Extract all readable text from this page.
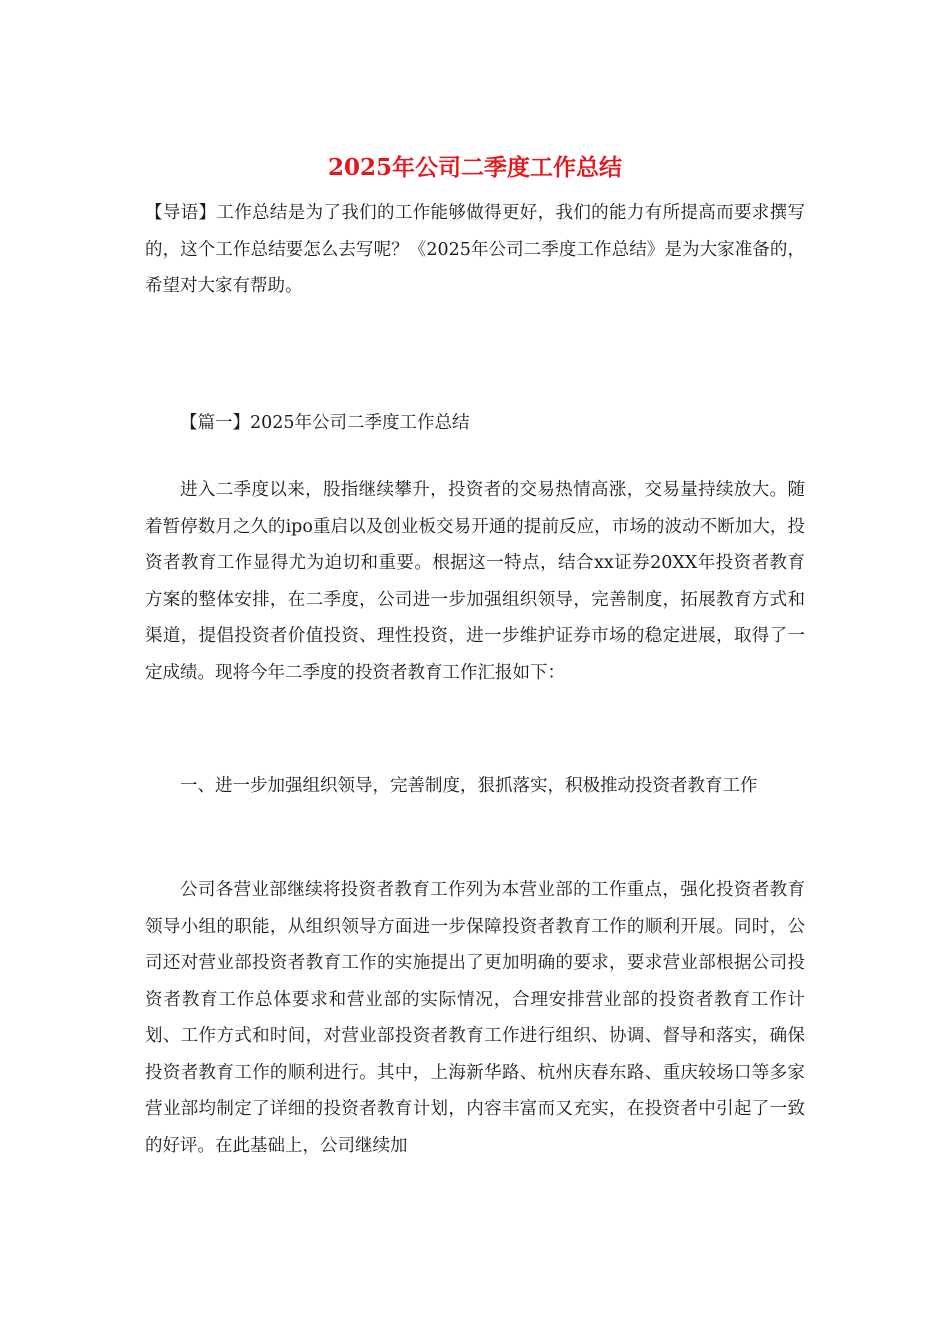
2025年公司二季度工作总结

【导语】工作总结是为了我们的工作能够做得更好，我们的能力有所提高而要求撰写的，这个工作总结要怎么去写呢？《2025年公司二季度工作总结》是为大家准备的，希望对大家有帮助。

【篇一】2025年公司二季度工作总结

进入二季度以来，股指继续攀升，投资者的交易热情高涨，交易量持续放大。随着暂停数月之久的ipo重启以及创业板交易开通的提前反应，市场的波动不断加大，投资者教育工作显得尤为迫切和重要。根据这一特点，结合xx证券20XX年投资者教育方案的整体安排，在二季度，公司进一步加强组织领导，完善制度，拓展教育方式和渠道，提倡投资者价值投资、理性投资，进一步维护证券市场的稳定进展，取得了一定成绩。现将今年二季度的投资者教育工作汇报如下：

一、进一步加强组织领导，完善制度，狠抓落实，积极推动投资者教育工作

公司各营业部继续将投资者教育工作列为本营业部的工作重点，强化投资者教育领导小组的职能，从组织领导方面进一步保障投资者教育工作的顺利开展。同时，公司还对营业部投资者教育工作的实施提出了更加明确的要求，要求营业部根据公司投资者教育工作总体要求和营业部的实际情况，合理安排营业部的投资者教育工作计划、工作方式和时间，对营业部投资者教育工作进行组织、协调、督导和落实，确保投资者教育工作的顺利进行。其中，上海新华路、杭州庆春东路、重庆较场口等多家营业部均制定了详细的投资者教育计划，内容丰富而又充实，在投资者中引起了一致的好评。在此基础上，公司继续加
